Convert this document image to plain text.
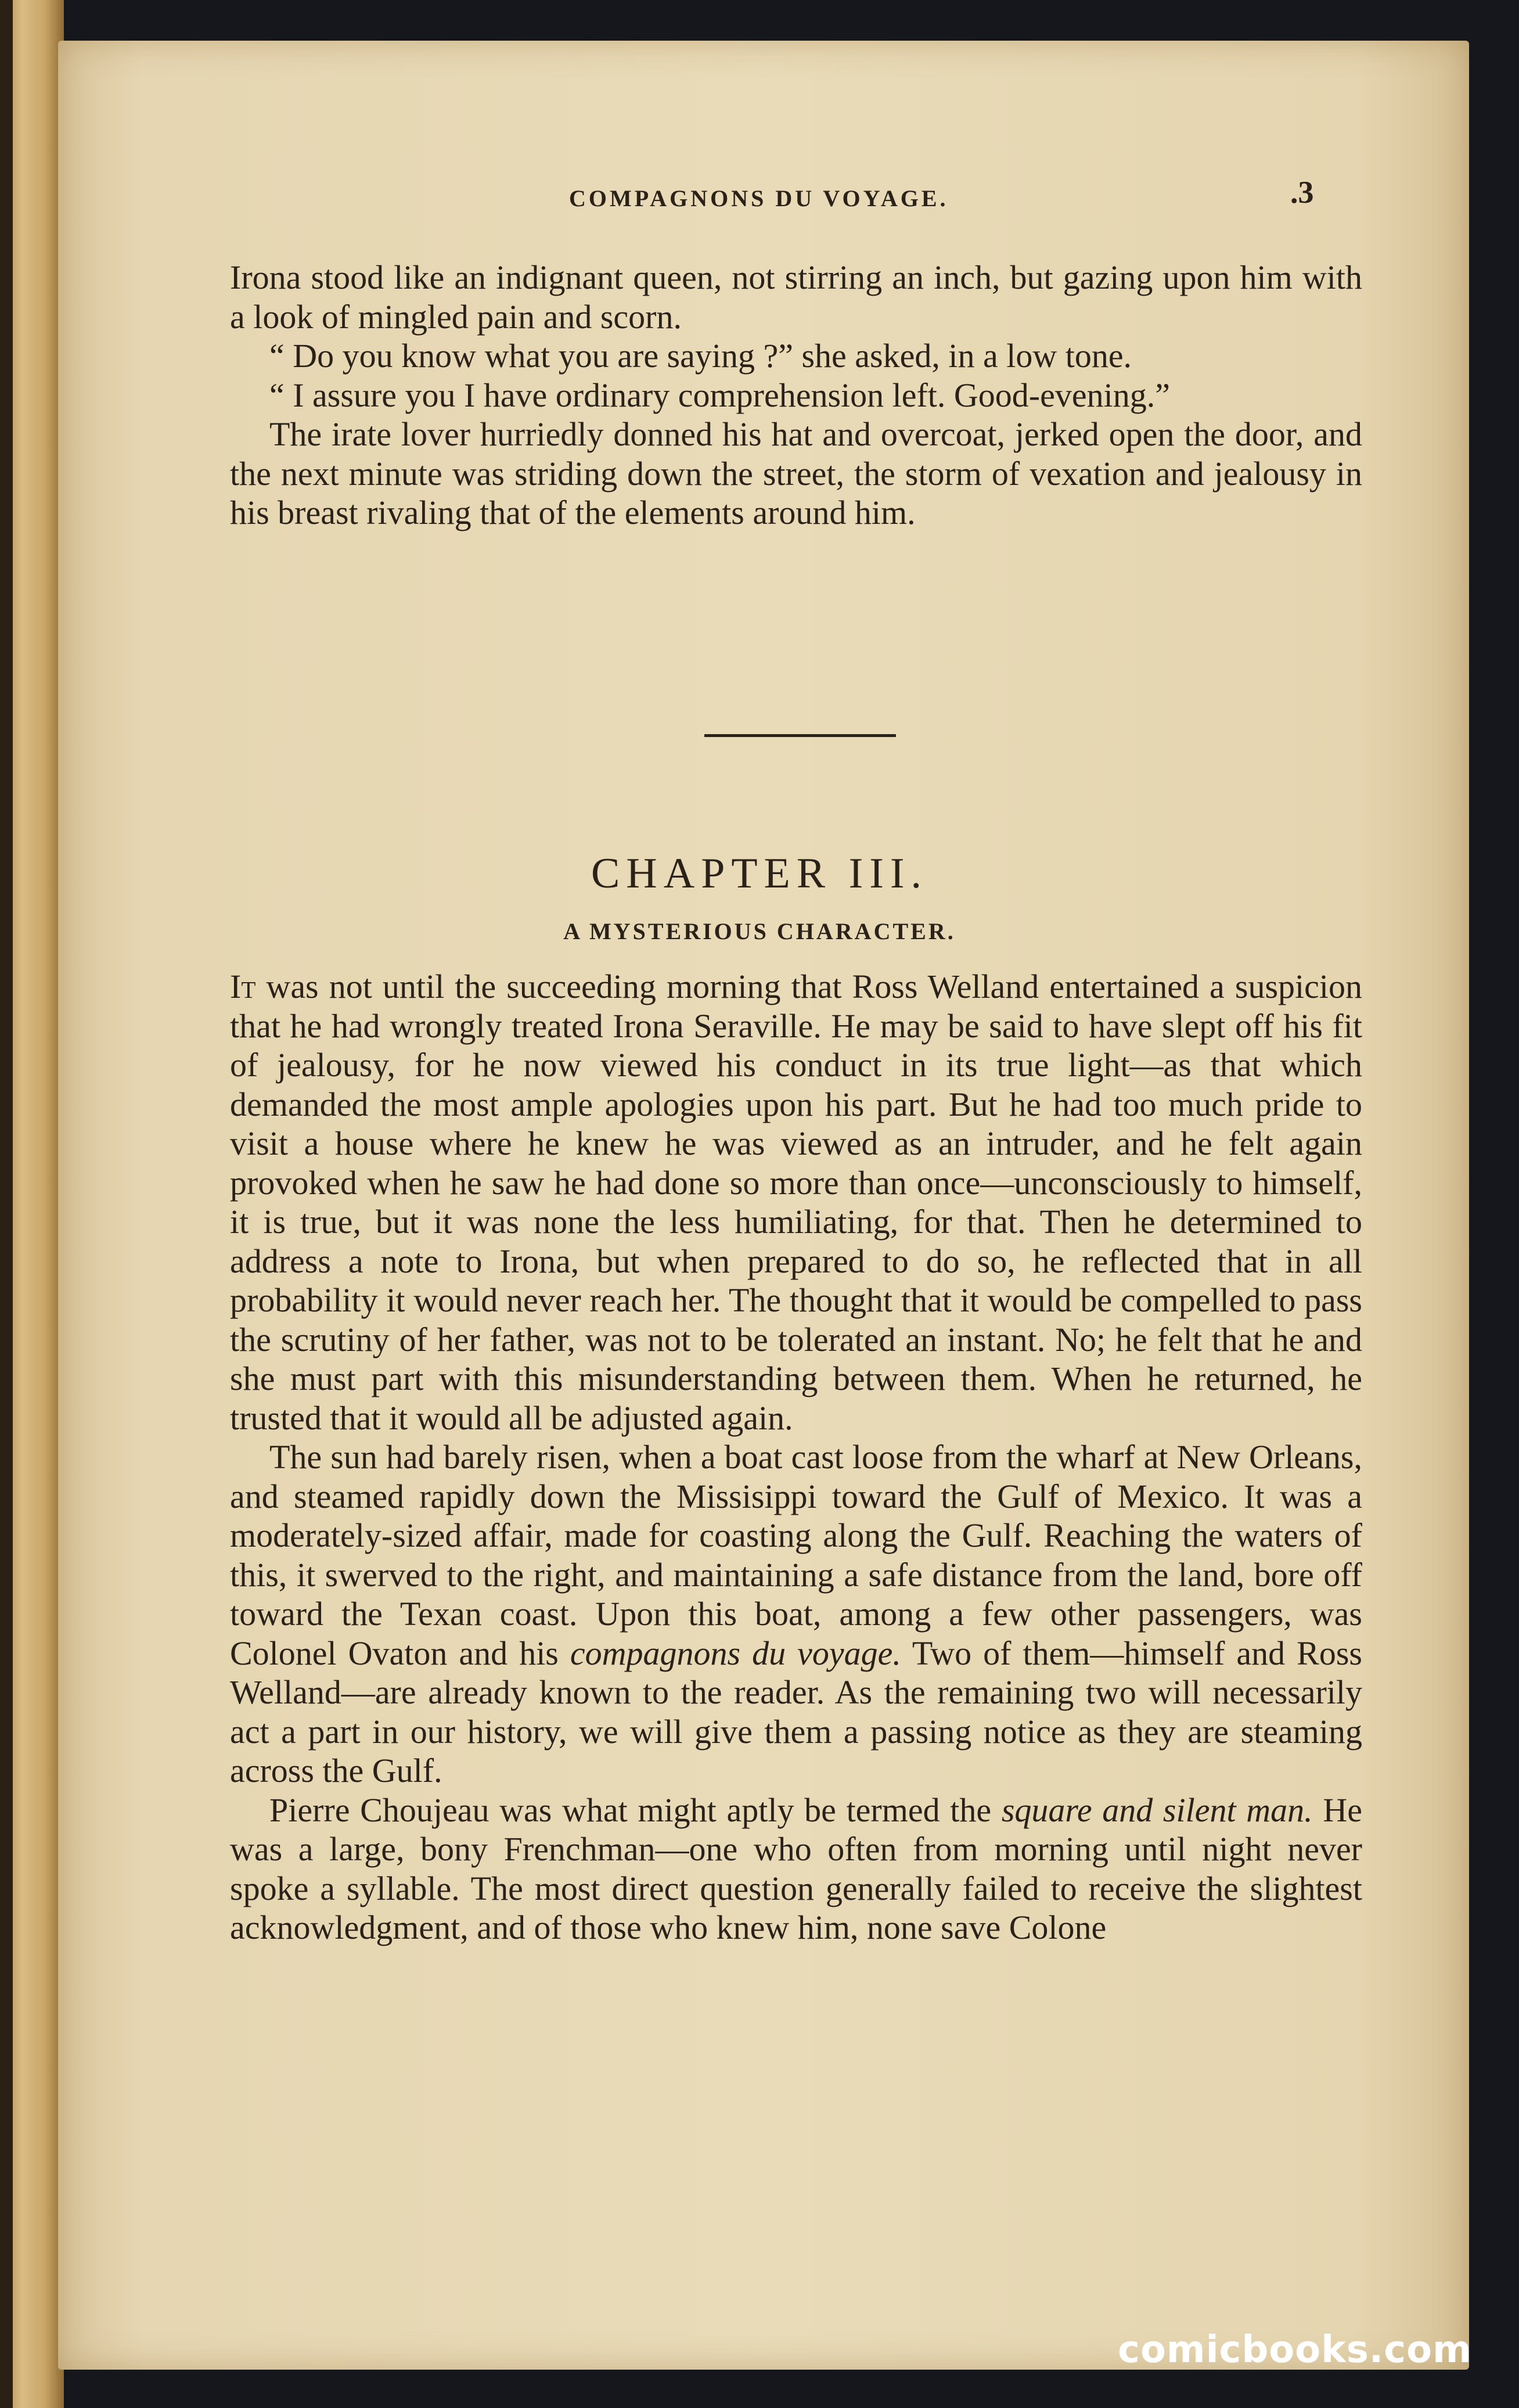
COMPAGNONS DU VOYAGE.	.3

Irona stood like an indignant queen, not stirring an inch, but gazing upon him with a look of mingled pain and scorn.

“ Do you know what you are saying ?” she asked, in a low tone.

“ I assure you I have ordinary comprehension left. Good-evening.”

The irate lover hurriedly donned his hat and overcoat, jerked open the door, and the next minute was striding down the street, the storm of vexation and jealousy in his breast rivaling that of the elements around him.

CHAPTER III.
A MYSTERIOUS CHARACTER.

It was not until the succeeding morning that Ross Welland entertained a suspicion that he had wrongly treated Irona Seraville. He may be said to have slept off his fit of jealousy, for he now viewed his conduct in its true light—as that which demanded the most ample apologies upon his part. But he had too much pride to visit a house where he knew he was viewed as an intruder, and he felt again provoked when he saw he had done so more than once—unconsciously to himself, it is true, but it was none the less humiliating, for that. Then he determined to address a note to Irona, but when prepared to do so, he reflected that in all probability it would never reach her. The thought that it would be compelled to pass the scrutiny of her father, was not to be tolerated an instant. No; he felt that he and she must part with this misunderstanding between them. When he returned, he trusted that it would all be adjusted again.

The sun had barely risen, when a boat cast loose from the wharf at New Orleans, and steamed rapidly down the Missisippi toward the Gulf of Mexico. It was a moderately-sized affair, made for coasting along the Gulf. Reaching the waters of this, it swerved to the right, and maintaining a safe distance from the land, bore off toward the Texan coast. Upon this boat, among a few other passengers, was Colonel Ovaton and his compagnons du voyage. Two of them—himself and Ross Welland—are already known to the reader. As the remaining two will necessarily act a part in our history, we will give them a passing notice as they are steaming across the Gulf.

Pierre Choujeau was what might aptly be termed the square and silent man. He was a large, bony Frenchman—one who often from morning until night never spoke a syllable. The most direct question generally failed to receive the slightest acknowledgment, and of those who knew him, none save Colone

comicbooks.com
